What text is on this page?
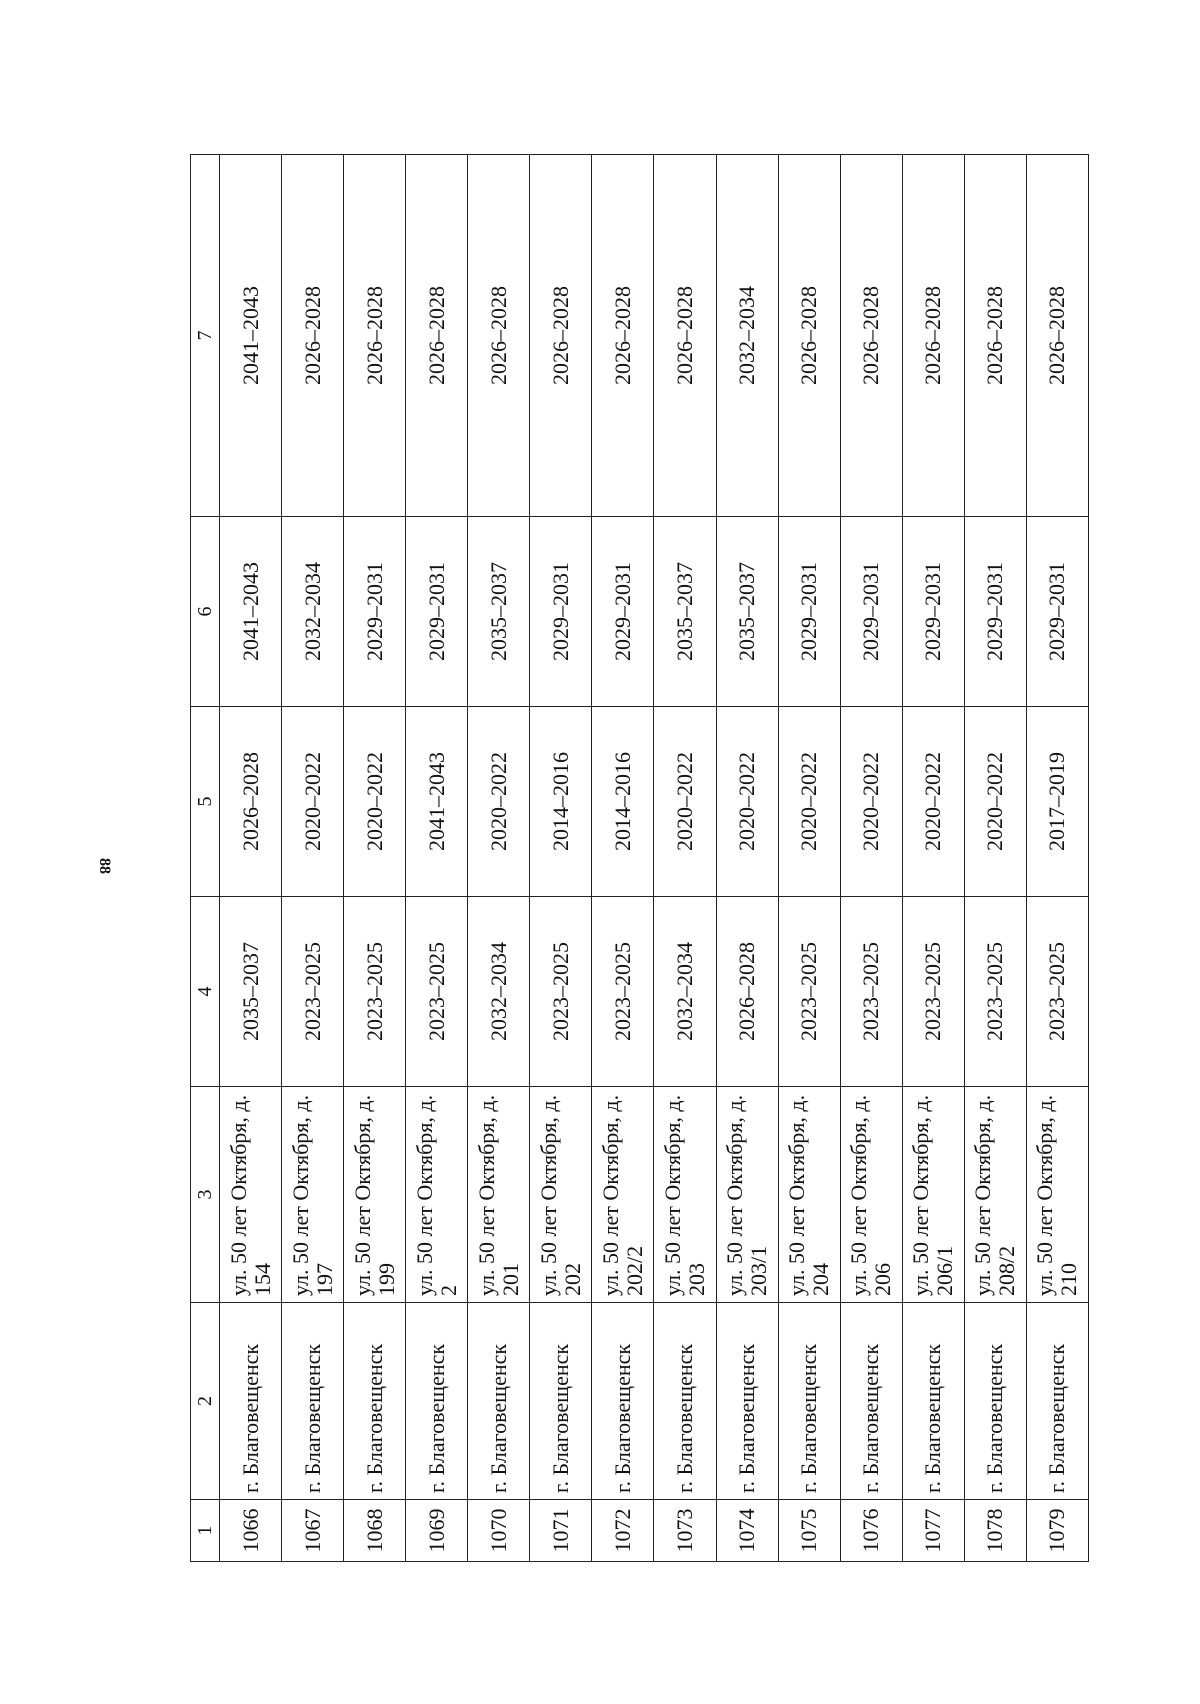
88
1	2	3	4	5	6	7
1066	г. Благовещенск	ул. 50 лет Октября, д. 154	2035–2037	2026–2028	2041–2043	2041–2043
1067	г. Благовещенск	ул. 50 лет Октября, д. 197	2023–2025	2020–2022	2032–2034	2026–2028
1068	г. Благовещенск	ул. 50 лет Октября, д. 199	2023–2025	2020–2022	2029–2031	2026–2028
1069	г. Благовещенск	ул. 50 лет Октября, д. 2	2023–2025	2041–2043	2029–2031	2026–2028
1070	г. Благовещенск	ул. 50 лет Октября, д. 201	2032–2034	2020–2022	2035–2037	2026–2028
1071	г. Благовещенск	ул. 50 лет Октября, д. 202	2023–2025	2014–2016	2029–2031	2026–2028
1072	г. Благовещенск	ул. 50 лет Октября, д. 202/2	2023–2025	2014–2016	2029–2031	2026–2028
1073	г. Благовещенск	ул. 50 лет Октября, д. 203	2032–2034	2020–2022	2035–2037	2026–2028
1074	г. Благовещенск	ул. 50 лет Октября, д. 203/1	2026–2028	2020–2022	2035–2037	2032–2034
1075	г. Благовещенск	ул. 50 лет Октября, д. 204	2023–2025	2020–2022	2029–2031	2026–2028
1076	г. Благовещенск	ул. 50 лет Октября, д. 206	2023–2025	2020–2022	2029–2031	2026–2028
1077	г. Благовещенск	ул. 50 лет Октября, д. 206/1	2023–2025	2020–2022	2029–2031	2026–2028
1078	г. Благовещенск	ул. 50 лет Октября, д. 208/2	2023–2025	2020–2022	2029–2031	2026–2028
1079	г. Благовещенск	ул. 50 лет Октября, д. 210	2023–2025	2017–2019	2029–2031	2026–2028
